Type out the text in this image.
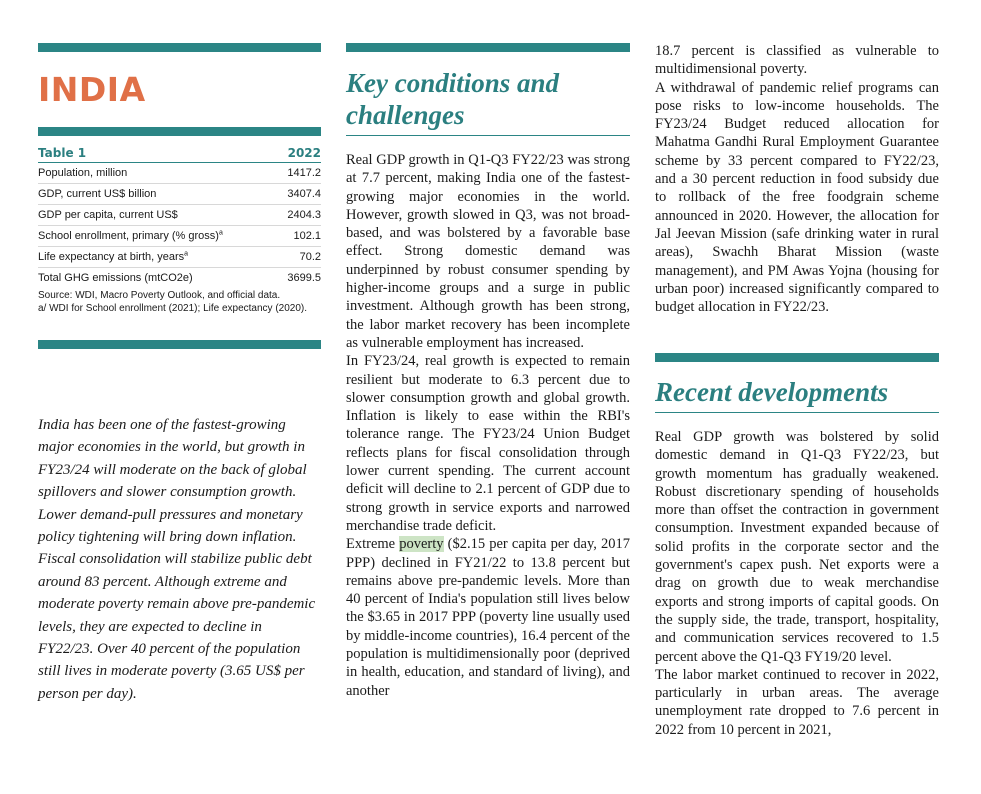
INDIA
Table 1	2022
Population, million	1417.2
GDP, current US$ billion	3407.4
GDP per capita, current US$	2404.3
School enrollment, primary (% gross)$^a$	102.1
Life expectancy at birth, years$^a$	70.2
Total GHG emissions (mtCO2e)	3699.5
Source: WDI, Macro Poverty Outlook, and official data.
a/ WDI for School enrollment (2021); Life expectancy (2020).
India has been one of the fastest-growing major economies in the world, but growth in FY23/24 will moderate on the back of global spillovers and slower consumption growth. Lower demand-pull pressures and monetary policy tightening will bring down inflation. Fiscal consolidation will stabilize public debt around 83 percent. Although extreme and moderate poverty remain above pre-pandemic levels, they are expected to decline in FY22/23. Over 40 percent of the population still lives in moderate poverty (3.65 US$ per person per day).
Key conditions and challenges

Real GDP growth in Q1-Q3 FY22/23 was strong at 7.7 percent, making India one of the fastest-growing major economies in the world. However, growth slowed in Q3, was not broad-based, and was bolstered by a favorable base effect. Strong domestic demand was underpinned by robust consumer spending by higher-income groups and a surge in public investment. Although growth has been strong, the labor market recovery has been incomplete as vulnerable employment has increased.

In FY23/24, real growth is expected to remain resilient but moderate to 6.3 percent due to slower consumption growth and global growth. Inflation is likely to ease within the RBI's tolerance range. The FY23/24 Union Budget reflects plans for fiscal consolidation through lower current spending. The current account deficit will decline to 2.1 percent of GDP due to strong growth in service exports and narrowed merchandise trade deficit.

Extreme poverty ($2.15 per capita per day, 2017 PPP) declined in FY21/22 to 13.8 percent but remains above pre-pandemic levels. More than 40 percent of India's population still lives below the $3.65 in 2017 PPP (poverty line usually used by middle-income countries), 16.4 percent of the population is multidimensionally poor (deprived in health, education, and standard of living), and another

18.7 percent is classified as vulnerable to multidimensional poverty.

A withdrawal of pandemic relief programs can pose risks to low-income households. The FY23/24 Budget reduced allocation for Mahatma Gandhi Rural Employment Guarantee scheme by 33 percent compared to FY22/23, and a 30 percent reduction in food subsidy due to rollback of the free foodgrain scheme announced in 2020. However, the allocation for Jal Jeevan Mission (safe drinking water in rural areas), Swachh Bharat Mission (waste management), and PM Awas Yojna (housing for urban poor) increased significantly compared to budget allocation in FY22/23.

Recent developments

Real GDP growth was bolstered by solid domestic demand in Q1-Q3 FY22/23, but growth momentum has gradually weakened. Robust discretionary spending of households more than offset the contraction in government consumption. Investment expanded because of solid profits in the corporate sector and the government's capex push. Net exports were a drag on growth due to weak merchandise exports and strong imports of capital goods. On the supply side, the trade, transport, hospitality, and communication services recovered to 1.5 percent above the Q1-Q3 FY19/20 level.

The labor market continued to recover in 2022, particularly in urban areas. The average unemployment rate dropped to 7.6 percent in 2022 from 10 percent in 2021,
